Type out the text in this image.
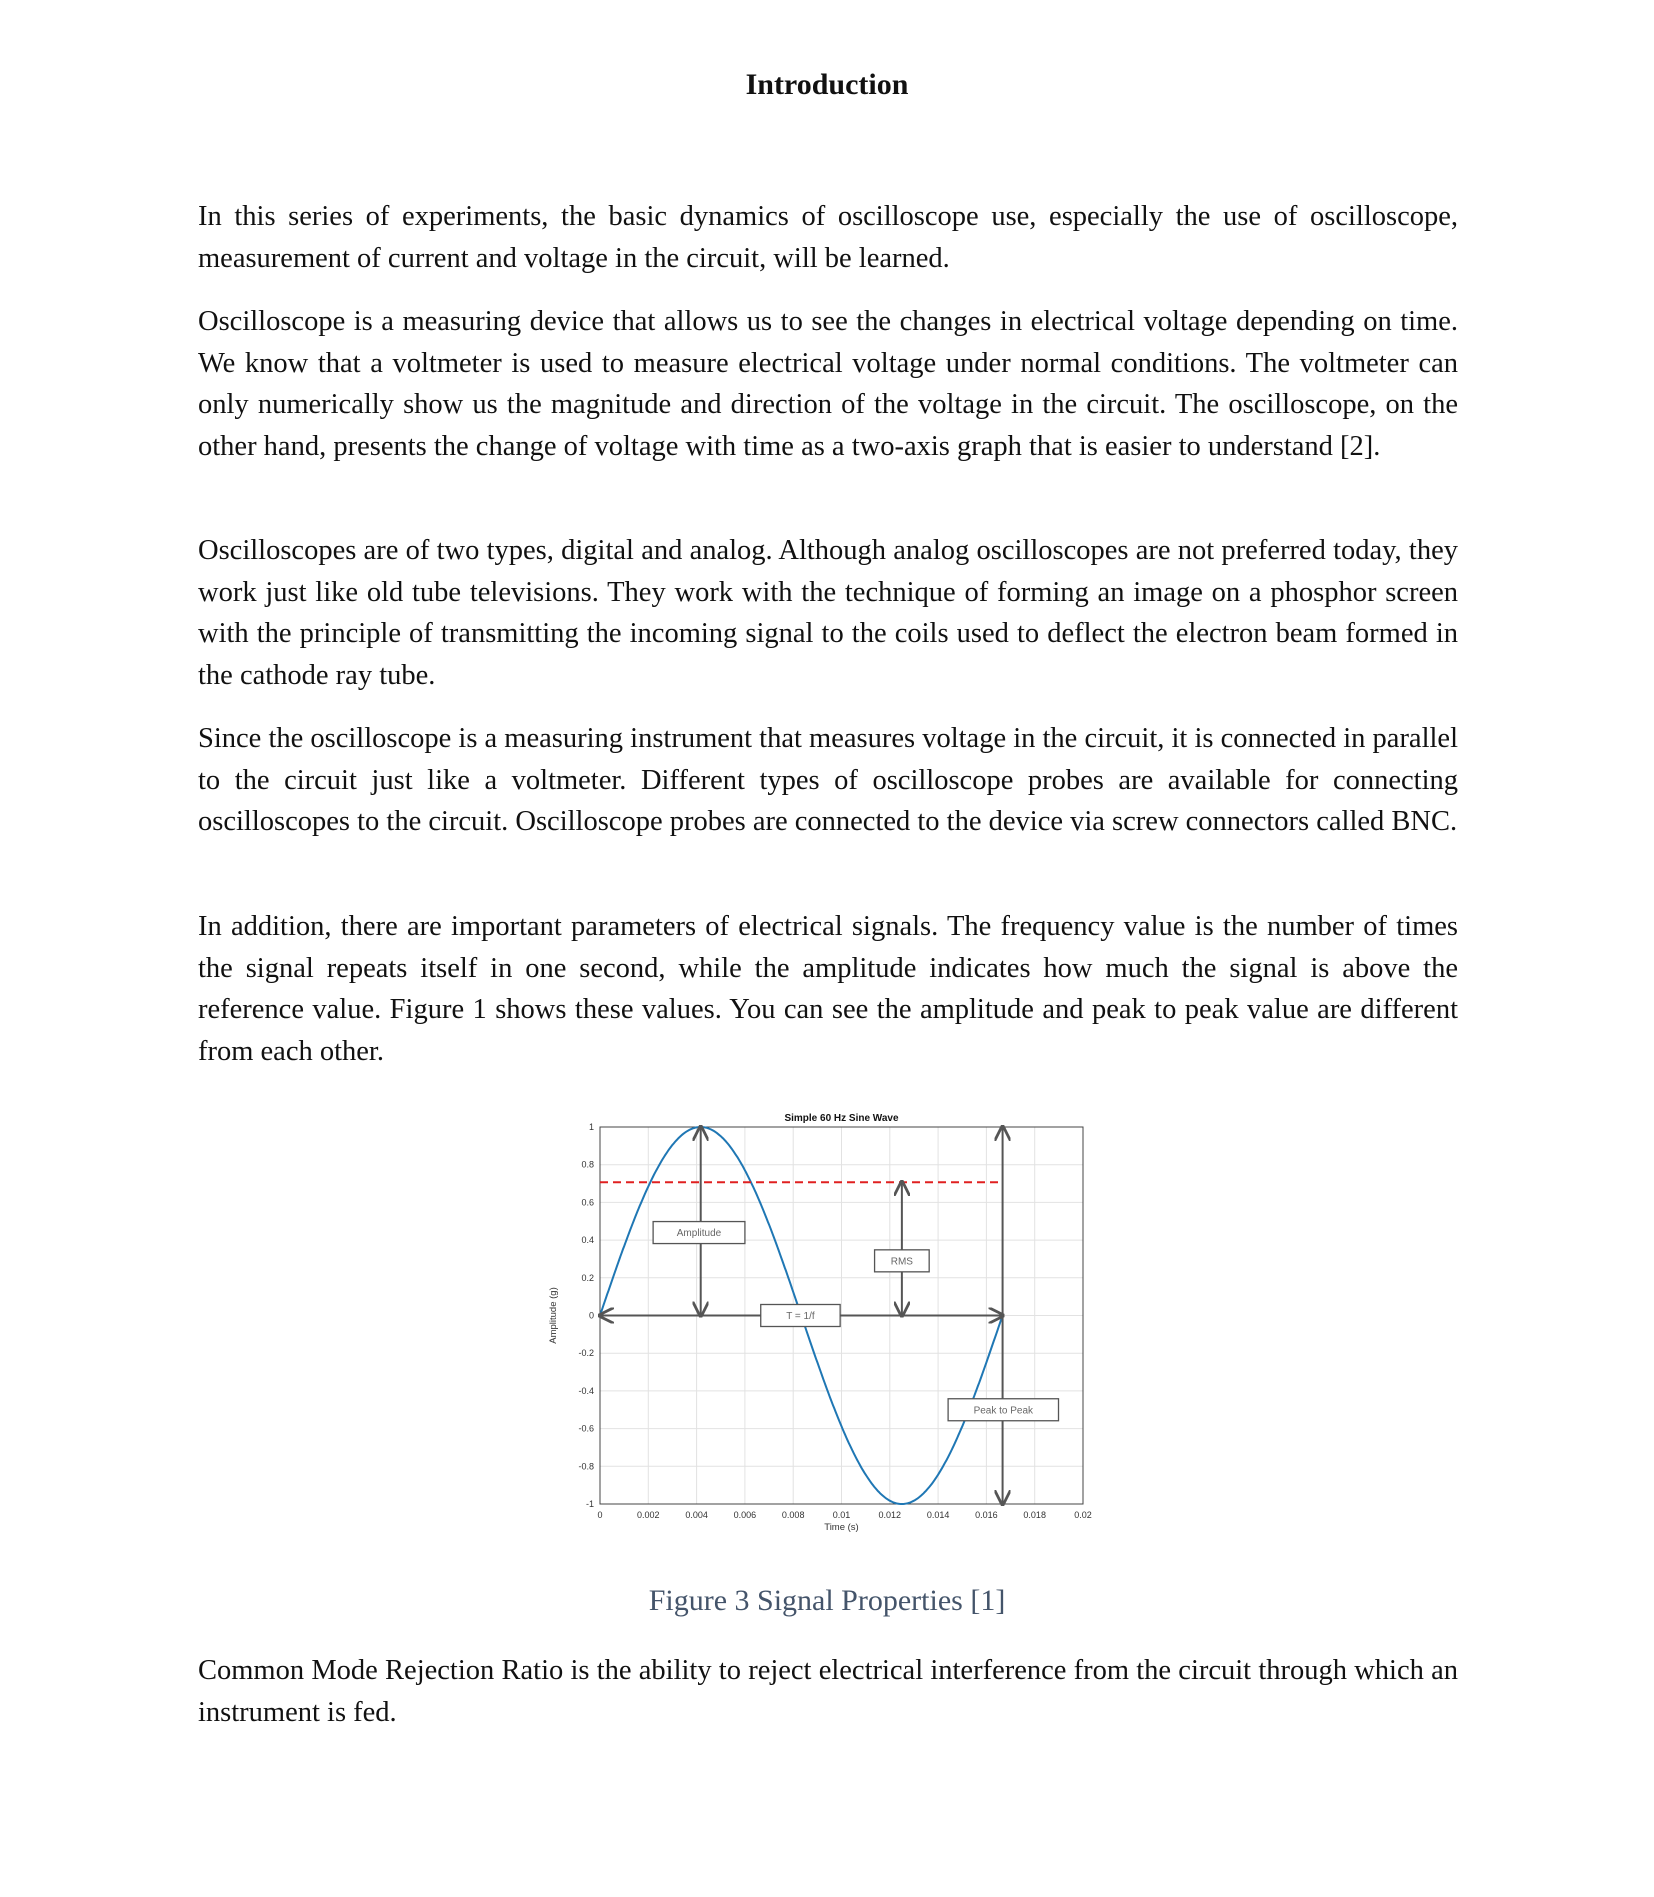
Introduction

In this series of experiments, the basic dynamics of oscilloscope use, especially the use of oscilloscope, measurement of current and voltage in the circuit, will be learned.

Oscilloscope is a measuring device that allows us to see the changes in electrical voltage depending on time. We know that a voltmeter is used to measure electrical voltage under normal conditions. The voltmeter can only numerically show us the magnitude and direction of the voltage in the circuit. The oscilloscope, on the other hand, presents the change of voltage with time as a two-axis graph that is easier to understand [2].

Oscilloscopes are of two types, digital and analog. Although analog oscilloscopes are not preferred today, they work just like old tube televisions. They work with the technique of forming an image on a phosphor screen with the principle of transmitting the incoming signal to the coils used to deflect the electron beam formed in the cathode ray tube.

Since the oscilloscope is a measuring instrument that measures voltage in the circuit, it is connected in parallel to the circuit just like a voltmeter. Different types of oscilloscope probes are available for connecting oscilloscopes to the circuit. Oscilloscope probes are connected to the device via screw connectors called BNC.

In addition, there are important parameters of electrical signals. The frequency value is the number of times the signal repeats itself in one second, while the amplitude indicates how much the signal is above the reference value. Figure 1 shows these values. You can see the amplitude and peak to peak value are different from each other.

0	0.002	0.004	0.006	0.008	0.01	0.012	0.014	0.016	0.018	0.02
-1
-0.8
-0.6
-0.4
-0.2
0
0.2
0.4
0.6
0.8
1
Simple 60 Hz Sine Wave
Time (s)
Amplitude (g)
Amplitude
RMS
T = 1/f
Peak to Peak
Figure 3 Signal Properties [1]

Common Mode Rejection Ratio is the ability to reject electrical interference from the circuit through which an instrument is fed.
